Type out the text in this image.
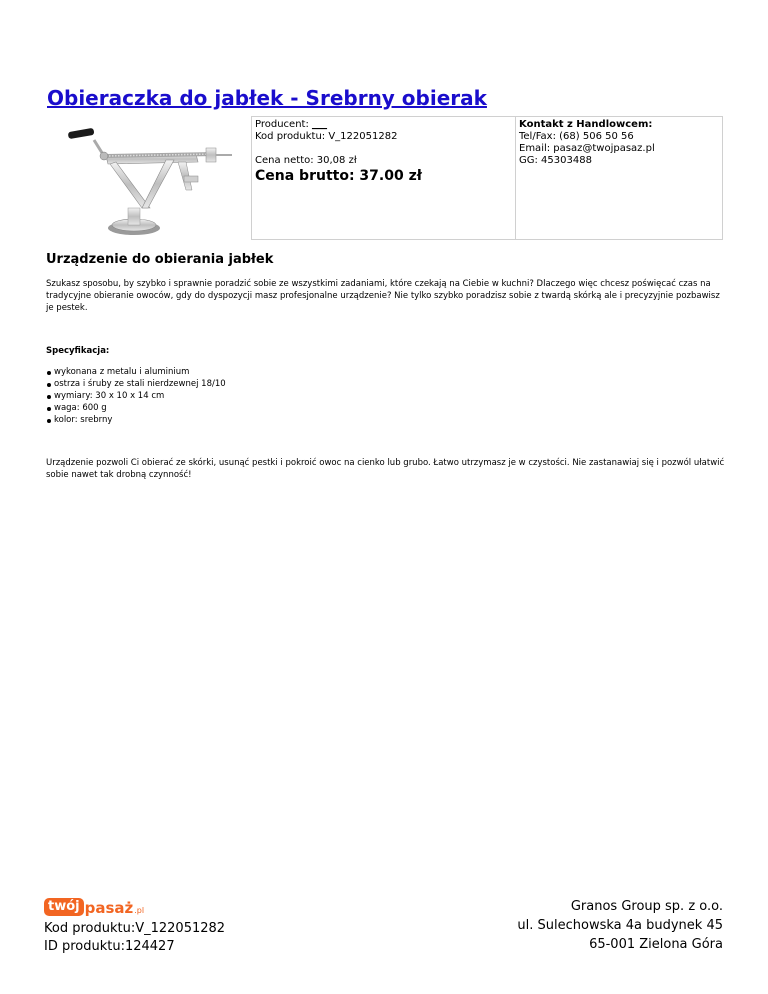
Obieraczka do jabłek - Srebrny obierak
Producent: ___
Kod produktu: V_122051282
Cena netto: 30,08 zł
Cena brutto: 37.00 zł
Kontakt z Handlowcem:
Tel/Fax: (68) 506 50 56
Email: pasaz@twojpasaz.pl
GG: 45303488
Urządzenie do obierania jabłek
Szukasz sposobu, by szybko i sprawnie poradzić sobie ze wszystkimi zadaniami, które czekają na Ciebie w kuchni? Dlaczego więc chcesz poświęcać czas na tradycyjne obieranie owoców, gdy do dyspozycji masz profesjonalne urządzenie? Nie tylko szybko poradzisz sobie z twardą skórką ale i precyzyjnie pozbawisz je pestek.
Specyfikacja:
wykonana z metalu i aluminium
ostrza i śruby ze stali nierdzewnej 18/10
wymiary: 30 x 10 x 14 cm
waga: 600 g
kolor: srebrny
Urządzenie pozwoli Ci obierać ze skórki, usunąć pestki i pokroić owoc na cienko lub grubo. Łatwo utrzymasz je w czystości. Nie zastanawiaj się i pozwól ułatwić sobie nawet tak drobną czynność!
twój pasaż .pl
Kod produktu:V_122051282
ID produktu:124427
Granos Group sp. z o.o.
ul. Sulechowska 4a budynek 45
65-001 Zielona Góra
